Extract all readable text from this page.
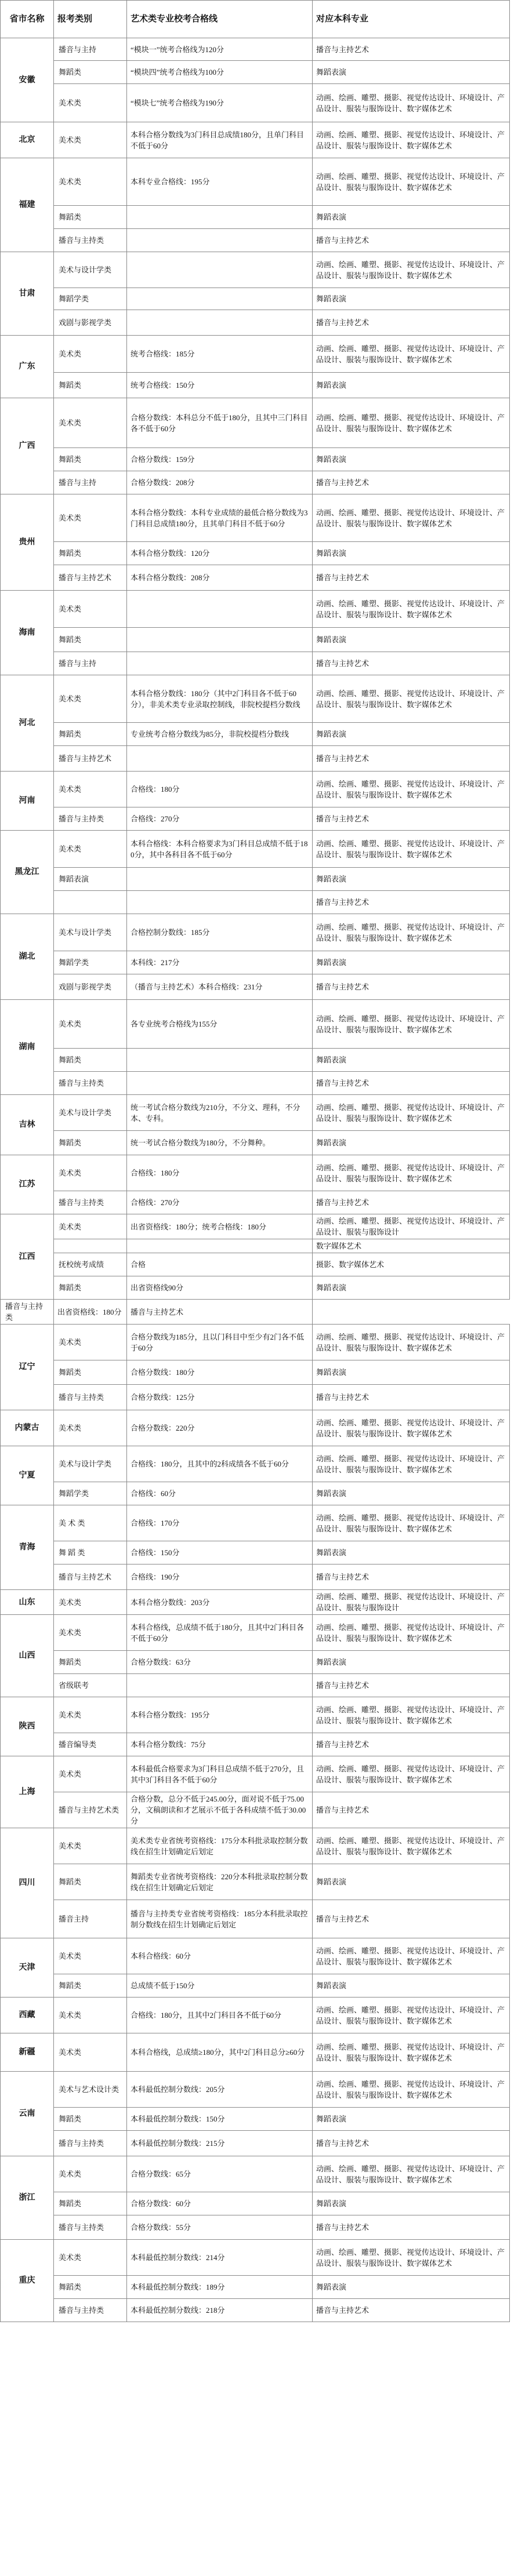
省市名称	报考类别	艺术类专业校考合格线	对应本科专业
安徽	播音与主持	“模块一”统考合格线为120分	播音与主持艺术
	舞蹈类	“模块四”统考合格线为100分	舞蹈表演
	美术类	“模块七”统考合格线为190分	动画、绘画、雕塑、摄影、视觉传达设计、环境设计、产品设计、服装与服饰设计、数字媒体艺术
北京	美术类	本科合格分数线为3门科目总成绩180分，且单门科目不低于60分	动画、绘画、雕塑、摄影、视觉传达设计、环境设计、产品设计、服装与服饰设计、数字媒体艺术
福建	美术类	本科专业合格线：195分	动画、绘画、雕塑、摄影、视觉传达设计、环境设计、产品设计、服装与服饰设计、数字媒体艺术
	舞蹈类		舞蹈表演
	播音与主持类		播音与主持艺术
甘肃	美术与设计学类		动画、绘画、雕塑、摄影、视觉传达设计、环境设计、产品设计、服装与服饰设计、数字媒体艺术
	舞蹈学类		舞蹈表演
	戏剧与影视学类		播音与主持艺术
广东	美术类	统考合格线：185分	动画、绘画、雕塑、摄影、视觉传达设计、环境设计、产品设计、服装与服饰设计、数字媒体艺术
	舞蹈类	统考合格线：150分	舞蹈表演
广西	美术类	合格分数线：本科总分不低于180分，且其中三门科目各不低于60分	动画、绘画、雕塑、摄影、视觉传达设计、环境设计、产品设计、服装与服饰设计、数字媒体艺术
	舞蹈类	合格分数线：159分	舞蹈表演
	播音与主持	合格分数线：208分	播音与主持艺术
贵州	美术类	本科合格分数线：本科专业成绩的最低合格分数线为3门科目总成绩180分，且其单门科目不低于60分	动画、绘画、雕塑、摄影、视觉传达设计、环境设计、产品设计、服装与服饰设计、数字媒体艺术
	舞蹈类	本科合格分数线：120分	舞蹈表演
	播音与主持艺术	本科合格分数线：208分	播音与主持艺术
海南	美术类		动画、绘画、雕塑、摄影、视觉传达设计、环境设计、产品设计、服装与服饰设计、数字媒体艺术
	舞蹈类		舞蹈表演
	播音与主持		播音与主持艺术
河北	美术类	本科合格分数线：180分（其中2门科目各不低于60分），非美术类专业录取控制线，非院校提档分数线	动画、绘画、雕塑、摄影、视觉传达设计、环境设计、产品设计、服装与服饰设计、数字媒体艺术
	舞蹈类	专业统考合格分数线为85分，非院校提档分数线	舞蹈表演
	播音与主持艺术		播音与主持艺术
河南	美术类	合格线：180分	动画、绘画、雕塑、摄影、视觉传达设计、环境设计、产品设计、服装与服饰设计、数字媒体艺术
	播音与主持类	合格线：270分	播音与主持艺术
黑龙江	美术类	本科合格线：本科合格要求为3门科目总成绩不低于180分，其中各科目各不低于60分	动画、绘画、雕塑、摄影、视觉传达设计、环境设计、产品设计、服装与服饰设计、数字媒体艺术
	舞蹈表演		舞蹈表演
			播音与主持艺术
湖北	美术与设计学类	合格控制分数线：185分	动画、绘画、雕塑、摄影、视觉传达设计、环境设计、产品设计、服装与服饰设计、数字媒体艺术
	舞蹈学类	本科线：217分	舞蹈表演
	戏剧与影视学类	（播音与主持艺术）本科合格线：231分	播音与主持艺术
湖南	美术类	各专业统考合格线为155分	动画、绘画、雕塑、摄影、视觉传达设计、环境设计、产品设计、服装与服饰设计、数字媒体艺术
	舞蹈类		舞蹈表演
	播音与主持类		播音与主持艺术
吉林	美术与设计学类	统一考试合格分数线为210分，不分文、理科，不分本、专科。	动画、绘画、雕塑、摄影、视觉传达设计、环境设计、产品设计、服装与服饰设计、数字媒体艺术
	舞蹈类	统一考试合格分数线为180分，不分舞种。	舞蹈表演
江苏	美术类	合格线：180分	动画、绘画、雕塑、摄影、视觉传达设计、环境设计、产品设计、服装与服饰设计、数字媒体艺术
	播音与主持类	合格线：270分	播音与主持艺术
江西	美术类	出省资格线：180分；统考合格线：180分	动画、绘画、雕塑、摄影、视觉传达设计、环境设计、产品设计、服装与服饰设计
			数字媒体艺术
	抚校统考成绩	合格	摄影、数字媒体艺术
	舞蹈类	出省资格线90分	舞蹈表演
播音与主持类	出省资格线：180分	播音与主持艺术	
辽宁	美术类	合格分数线为185分，且以门科目中至少有2门各不低于60分	动画、绘画、雕塑、摄影、视觉传达设计、环境设计、产品设计、服装与服饰设计、数字媒体艺术
	舞蹈类	合格分数线：180分	舞蹈表演
	播音与主持类	合格分数线：125分	播音与主持艺术
内蒙古	美术类	合格分数线：220分	动画、绘画、雕塑、摄影、视觉传达设计、环境设计、产品设计、服装与服饰设计、数字媒体艺术
宁夏	美术与设计学类	合格线：180分，且其中的2科成绩各不低于60分	动画、绘画、雕塑、摄影、视觉传达设计、环境设计、产品设计、服装与服饰设计、数字媒体艺术
	舞蹈学类	合格线：60分	舞蹈表演
青海	美 术 类	合格线：170分	动画、绘画、雕塑、摄影、视觉传达设计、环境设计、产品设计、服装与服饰设计、数字媒体艺术
	舞 蹈 类	合格线：150分	舞蹈表演
	播音与主持艺术	合格线：190分	播音与主持艺术
山东	美术类	本科合格分数线：203分	动画、绘画、雕塑、摄影、视觉传达设计、环境设计、产品设计、服装与服饰设计
山西	美术类	本科合格线，总成绩不低于180分，且其中2门科目各不低于60分	动画、绘画、雕塑、摄影、视觉传达设计、环境设计、产品设计、服装与服饰设计、数字媒体艺术
	舞蹈类	合格分数线：63分	舞蹈表演
	省级联考		播音与主持艺术
陕西	美术类	本科合格分数线：195分	动画、绘画、雕塑、摄影、视觉传达设计、环境设计、产品设计、服装与服饰设计、数字媒体艺术
	播音编导类	本科合格分数线：75分	播音与主持艺术
上海	美术类	本科最低合格要求为3门科目总成绩不低于270分，且其中3门科目各不低于60分	动画、绘画、雕塑、摄影、视觉传达设计、环境设计、产品设计、服装与服饰设计、数字媒体艺术
	播音与主持艺术类	合格分数，总分不低于245.00分，面对说不低于75.00分，文稿朗读和才艺展示不低于各科成绩不低于30.00分	播音与主持艺术
四川	美术类	美术类专业省统考资格线：175分本科批录取控制分数线在招生计划确定后划定	动画、绘画、雕塑、摄影、视觉传达设计、环境设计、产品设计、服装与服饰设计、数字媒体艺术
	舞蹈类	舞蹈类专业省统考资格线：220分本科批录取控制分数线在招生计划确定后划定	舞蹈表演
	播音主持	播音与主持类专业省统考资格线：185分本科批录取控制分数线在招生计划确定后划定	播音与主持艺术
天津	美术类	本科合格线：60分	动画、绘画、雕塑、摄影、视觉传达设计、环境设计、产品设计、服装与服饰设计、数字媒体艺术
	舞蹈类	总成绩不低于150分	舞蹈表演
西藏	美术类	合格线：180分，且其中2门科目各不低于60分	动画、绘画、雕塑、摄影、视觉传达设计、环境设计、产品设计、服装与服饰设计、数字媒体艺术
新疆	美术类	本科合格线，总成绩≥180分，其中2门科目总分≥60分	动画、绘画、雕塑、摄影、视觉传达设计、环境设计、产品设计、服装与服饰设计、数字媒体艺术
云南	美术与艺术设计类	本科最低控制分数线：205分	动画、绘画、雕塑、摄影、视觉传达设计、环境设计、产品设计、服装与服饰设计、数字媒体艺术
	舞蹈类	本科最低控制分数线：150分	舞蹈表演
	播音与主持类	本科最低控制分数线：215分	播音与主持艺术
浙江	美术类	合格分数线：65分	动画、绘画、雕塑、摄影、视觉传达设计、环境设计、产品设计、服装与服饰设计、数字媒体艺术
	舞蹈类	合格分数线：60分	舞蹈表演
	播音与主持类	合格分数线：55分	播音与主持艺术
重庆	美术类	本科最低控制分数线：214分	动画、绘画、雕塑、摄影、视觉传达设计、环境设计、产品设计、服装与服饰设计、数字媒体艺术
	舞蹈类	本科最低控制分数线：189分	舞蹈表演
	播音与主持类	本科最低控制分数线：218分	播音与主持艺术
